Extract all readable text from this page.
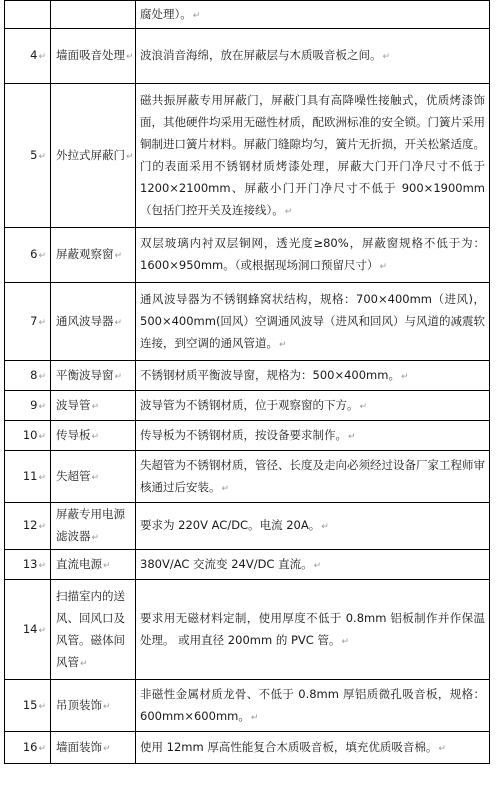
		腐处理）。↵
4↵	墙面吸音处理↵	波浪消音海绵，放在屏蔽层与木质吸音板之间。↵
5↵	外拉式屏蔽门↵	磁共振屏蔽专用屏蔽门，屏蔽门具有高降噪性接触式，优质烤漆饰面，其他硬件均采用无磁性材质，配欧洲标准的安全锁。门簧片采用铜制进口簧片材料。屏蔽门缝隙均匀，簧片无折损，开关松紧适度。门的表面采用不锈钢材质烤漆处理，屏蔽大门开门净尺寸不低于 1200×2100mm、屏蔽小门开门净尺寸不低于 900×1900mm（包括门控开关及连接线）。↵
6↵	屏蔽观察窗↵	双层玻璃内衬双层铜网，透光度≥80%，屏蔽窗规格不低于为：1600×950mm。（或根据现场洞口预留尺寸）↵
7↵	通风波导器↵	通风波导器为不锈钢蜂窝状结构，规格：700×400mm（进风)，500×400mm(回风）空调通风波导（进风和回风）与风道的减震软连接，到空调的通风管道。↵
8↵	平衡波导窗↵	不锈钢材质平衡波导窗，规格为：500×400mm。↵
9↵	波导管↵	波导管为不锈钢材质，位于观察窗的下方。↵
10↵	传导板↵	传导板为不锈钢材质，按设备要求制作。↵
11↵	失超管↵	失超管为不锈钢材质，管径、长度及走向必须经过设备厂家工程师审核通过后安装。↵
12↵	屏蔽专用电源滤波器↵	要求为 220V AC/DC。电流 20A。↵
13↵	直流电源↵	380V/AC 交流变 24V/DC 直流。↵
14↵	扫描室内的送风、回风口及风管。磁体间风管↵	要求用无磁材料定制，使用厚度不低于 0.8mm 铝板制作并作保温处理。 或用直径 200mm 的 PVC 管。↵
15↵	吊顶装饰↵	非磁性金属材质龙骨、不低于 0.8mm 厚铝质微孔吸音板，规格：600mm×600mm。↵
16↵	墙面装饰↵	使用 12mm 厚高性能复合木质吸音板，填充优质吸音棉。↵
